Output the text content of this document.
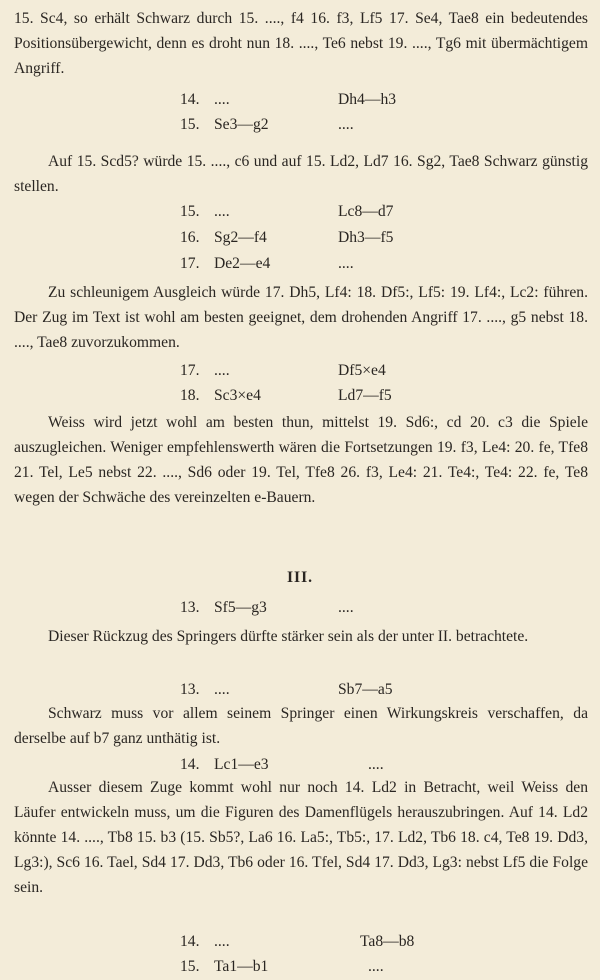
15. Sc4, so erhält Schwarz durch 15. ...., f4 16. f3, Lf5 17. Se4, Tae8 ein bedeutendes Positionsübergewicht, denn es droht nun 18. ...., Te6 nebst 19. ...., Tg6 mit übermächtigem Angriff.

14. ....	Dh4—h3
15. Se3—g2	....

Auf 15. Scd5? würde 15. ...., c6 und auf 15. Ld2, Ld7 16. Sg2, Tae8 Schwarz günstig stellen.

15. ....	Lc8—d7
16. Sg2—f4	Dh3—f5
17. De2—e4	....

Zu schleunigem Ausgleich würde 17. Dh5, Lf4: 18. Df5:, Lf5: 19. Lf4:, Lc2: führen. Der Zug im Text ist wohl am besten geeignet, dem drohenden Angriff 17. ...., g5 nebst 18. ...., Tae8 zuvorzukommen.

17. ....	Df5×e4
18. Sc3×e4	Ld7—f5

Weiss wird jetzt wohl am besten thun, mittelst 19. Sd6:, cd 20. c3 die Spiele auszugleichen. Weniger empfehlenswerth wären die Fortsetzungen 19. f3, Le4: 20. fe, Tfe8 21. Tel, Le5 nebst 22. ...., Sd6 oder 19. Tel, Tfe8 26. f3, Le4: 21. Te4:, Te4: 22. fe, Te8 wegen der Schwäche des vereinzelten e-Bauern.

III.
13. Sf5—g3	....

Dieser Rückzug des Springers dürfte stärker sein als der unter II. betrachtete.

13. ....	Sb7—a5

Schwarz muss vor allem seinem Springer einen Wirkungskreis verschaffen, da derselbe auf b7 ganz unthätig ist.

14. Lc1—e3	....

Ausser diesem Zuge kommt wohl nur noch 14. Ld2 in Betracht, weil Weiss den Läufer entwickeln muss, um die Figuren des Damenflügels herauszubringen. Auf 14. Ld2 könnte 14. ...., Tb8 15. b3 (15. Sb5?, La6 16. La5:, Tb5:, 17. Ld2, Tb6 18. c4, Te8 19. Dd3, Lg3:), Sc6 16. Tael, Sd4 17. Dd3, Tb6 oder 16. Tfel, Sd4 17. Dd3, Lg3: nebst Lf5 die Folge sein.

14. ....	Ta8—b8
15. Ta1—b1	....
